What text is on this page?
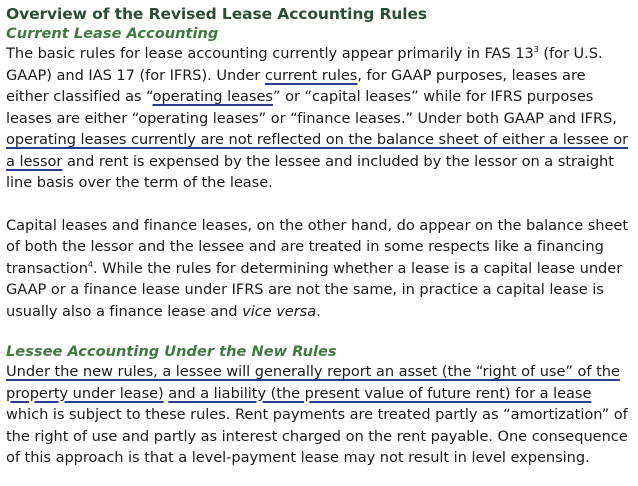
Overview of the Revised Lease Accounting Rules
Current Lease Accounting

The basic rules for lease accounting currently appear primarily in FAS $13^3$ (for U.S. GAAP) and IAS 17 (for IFRS). Under current rules, for GAAP purposes, leases are either classified as “operating leases” or “capital leases” while for IFRS purposes leases are either “operating leases” or “finance leases.” Under both GAAP and IFRS, operating leases currently are not reflected on the balance sheet of either a lessee or a lessor and rent is expensed by the lessee and included by the lessor on a straight line basis over the term of the lease.

Capital leases and finance leases, on the other hand, do appear on the balance sheet of both the lessor and the lessee and are treated in some respects like a financing transaction$^4$. While the rules for determining whether a lease is a capital lease under GAAP or a finance lease under IFRS are not the same, in practice a capital lease is usually also a finance lease and vice versa.

Lessee Accounting Under the New Rules

Under the new rules, a lessee will generally report an asset (the “right of use” of the property under lease) and a liability (the present value of future rent) for a lease which is subject to these rules. Rent payments are treated partly as “amortization” of the right of use and partly as interest charged on the rent payable. One consequence of this approach is that a level-payment lease may not result in level expensing.
